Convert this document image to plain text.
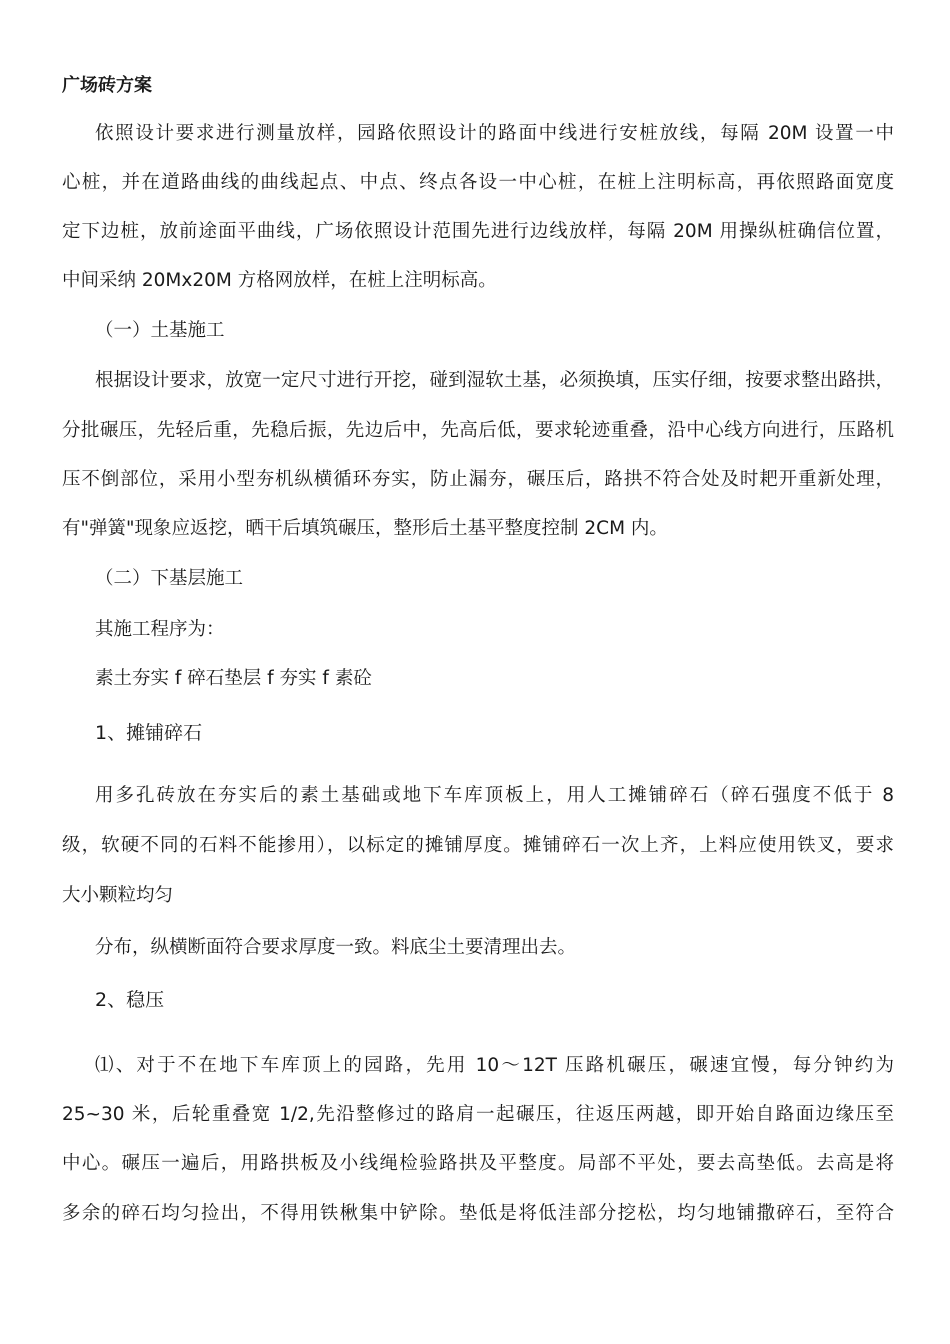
广场砖方案
依照设计要求进行测量放样，园路依照设计的路面中线进行安桩放线，每隔 20M 设置一中
心桩，并在道路曲线的曲线起点、中点、终点各设一中心桩，在桩上注明标高，再依照路面宽度
定下边桩，放前途面平曲线，广场依照设计范围先进行边线放样，每隔 20M 用操纵桩确信位置，
中间采纳 20Mx20M 方格网放样，在桩上注明标高。
（一）土基施工
根据设计要求，放宽一定尺寸进行开挖，碰到湿软土基，必须换填，压实仔细，按要求整出路拱，
分批碾压，先轻后重，先稳后振，先边后中，先高后低，要求轮迹重叠，沿中心线方向进行，压路机
压不倒部位，采用小型夯机纵横循环夯实，防止漏夯，碾压后，路拱不符合处及时耙开重新处理，
有"弹簧"现象应返挖，晒干后填筑碾压，整形后土基平整度控制 2CM 内。
（二）下基层施工
其施工程序为：
素土夯实 f 碎石垫层 f 夯实 f 素砼
1、摊铺碎石
用多孔砖放在夯实后的素土基础或地下车库顶板上，用人工摊铺碎石（碎石强度不低于 8
级，软硬不同的石料不能掺用），以标定的摊铺厚度。摊铺碎石一次上齐，上料应使用铁叉，要求
大小颗粒均匀
分布，纵横断面符合要求厚度一致。料底尘土要清理出去。
2、稳压
⑴、对于不在地下车库顶上的园路，先用 10～12T 压路机碾压，碾速宜慢，每分钟约为
25~30 米，后轮重叠宽 1/2,先沿整修过的路肩一起碾压，往返压两越，即开始自路面边缘压至
中心。碾压一遍后，用路拱板及小线绳检验路拱及平整度。局部不平处，要去高垫低。去高是将
多余的碎石均匀捡出，不得用铁楸集中铲除。垫低是将低洼部分挖松，均匀地铺撒碎石，至符合
